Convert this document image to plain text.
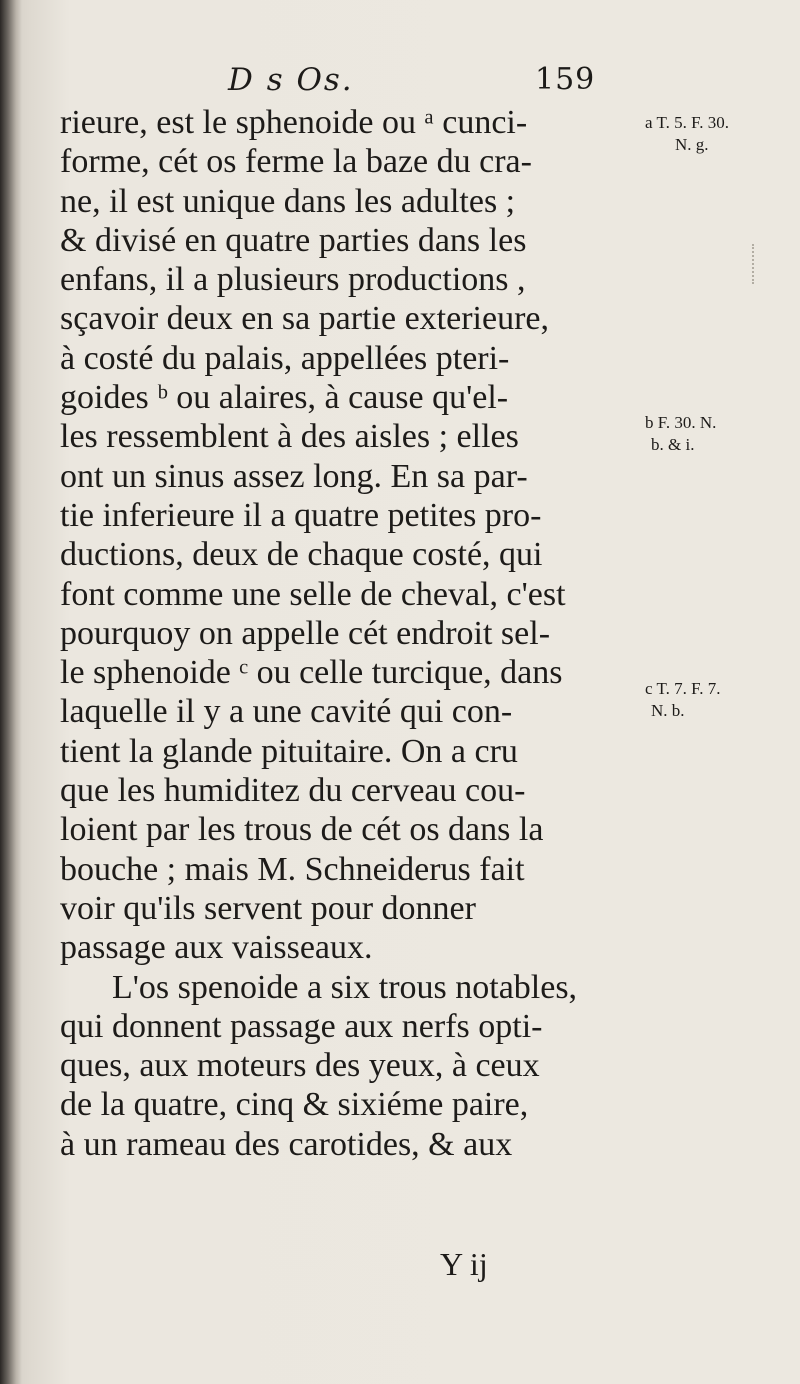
D s Os.	159
rieure, est le sphenoide ou ᵃ cunci-
forme, cét os ferme la baze du cra-
ne, il est unique dans les adultes ;
& divisé en quatre parties dans les
enfans, il a plusieurs productions ,
sçavoir deux en sa partie exterieure,
à costé du palais, appellées pteri-
goides ᵇ ou alaires, à cause qu'el-
les ressemblent à des aisles ; elles
ont un sinus assez long. En sa par-
tie inferieure il a quatre petites pro-
ductions, deux de chaque costé, qui
font comme une selle de cheval, c'est
pourquoy on appelle cét endroit sel-
le sphenoide ᶜ ou celle turcique, dans
laquelle il y a une cavité qui con-
tient la glande pituitaire. On a cru
que les humiditez du cerveau cou-
loient par les trous de cét os dans la
bouche ; mais M. Schneiderus fait
voir qu'ils servent pour donner
passage aux vaisseaux.
L'os spenoide a six trous notables,
qui donnent passage aux nerfs opti-
ques, aux moteurs des yeux, à ceux
de la quatre, cinq & sixiéme paire,
à un rameau des carotides, & aux
Y ij
a T. 5. F. 30.
N. g.
b F. 30. N.
b. & i.
c T. 7. F. 7.
N. b.
